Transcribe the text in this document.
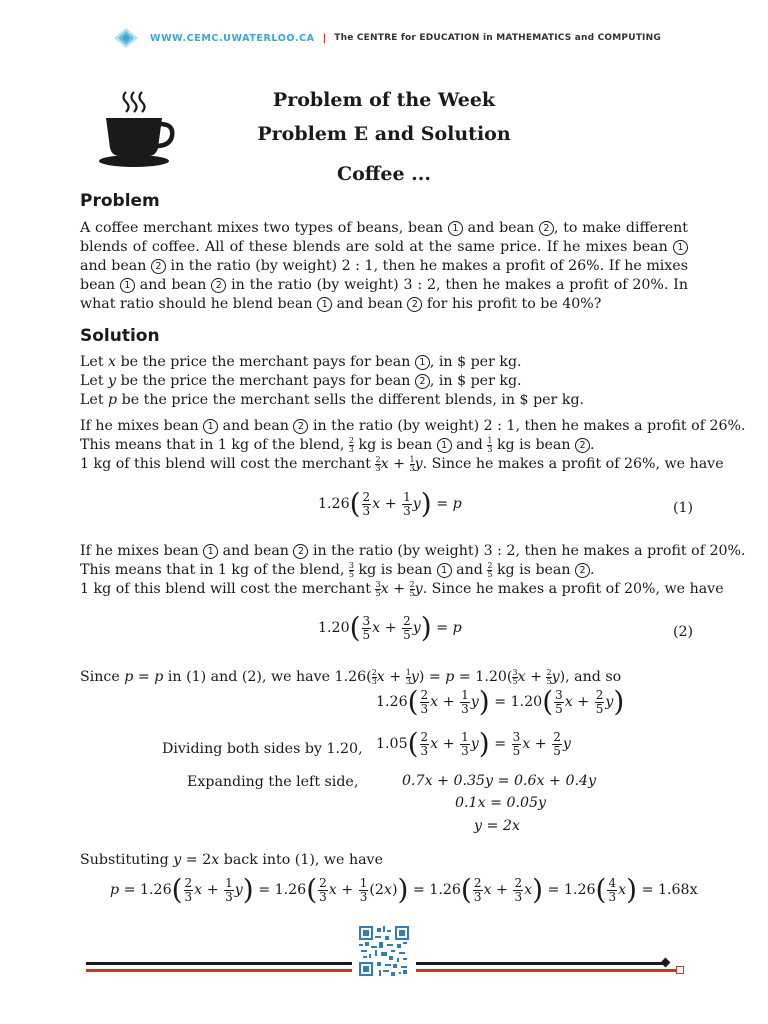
WWW.CEMC.UWATERLOO.CA | The CENTRE for EDUCATION in MATHEMATICS and COMPUTING
Problem of the Week
Problem E and Solution
Coffee ...
Problem
A coffee merchant mixes two types of beans, bean 1 and bean 2 , to make different blends of coffee. All of these blends are sold at the same price. If he mixes bean 1 and bean 2 in the ratio (by weight) 2 : 1, then he makes a profit of 26%. If he mixes bean 1 and bean 2 in the ratio (by weight) 3 : 2, then he makes a profit of 20%. In what ratio should he blend bean 1 and bean 2 for his profit to be 40%?
Solution
Let x be the price the merchant pays for bean 1 , in $ per kg.
Let y be the price the merchant pays for bean 2 , in $ per kg.
Let p be the price the merchant sells the different blends, in $ per kg.
If he mixes bean 1 and bean 2 in the ratio (by weight) 2 : 1, then he makes a profit of 26%.
This means that in 1 kg of the blend, $\frac{2}{3}$ kg is bean 1 and $\frac{1}{3}$ kg is bean 2 .
1 kg of this blend will cost the merchant $\frac{2}{3}x + \frac{1}{3}y$. Since he makes a profit of 26%, we have
$1.26( \frac{2}{3}$ $x + \frac{1}{3} y) = p$	(1)
If he mixes bean 1 and bean 2 in the ratio (by weight) 3 : 2, then he makes a profit of 20%.
This means that in 1 kg of the blend, $\frac{3}{5}$ kg is bean 1 and $\frac{2}{5}$ kg is bean 2 .
1 kg of this blend will cost the merchant $\frac{3}{5}x + \frac{2}{5}y$. Since he makes a profit of 20%, we have
$1.20( \frac{3}{5}$ $x + \frac{2}{5} y) = p$	(2)
Since p = p in (1) and (2), we have $1.26( \frac{2}{3}x + \frac{1}{3}y) = p = 1.20( \frac{3}{5}x + \frac{2}{5}y)$, and so
$1.26( \frac{2}{3}$ $x + \frac{1}{3} y) = 1.20( \frac{3}{5}$ $x + \frac{2}{5} y$)
Dividing both sides by 1.20, $1.05( \frac{2}{3}$ $x + \frac{1}{3} y) = \frac{3}{5}$ $x + \frac{2}{5}$ y
Expanding the left side,	0.7x + 0.35y = 0.6x + 0.4y
0.1x = 0.05y
y = 2x
Substituting y = 2x back into (1), we have
$p = 1.26( \frac{2}{3}$ $x + \frac{1}{3} y) = 1.26( \frac{2}{3}$ $x + \frac{1}{3} (2x)) = 1.26( \frac{2}{3}$ $x + \frac{2}{3} x) = 1.26( \frac{4}{3} x) = 1.68x$
